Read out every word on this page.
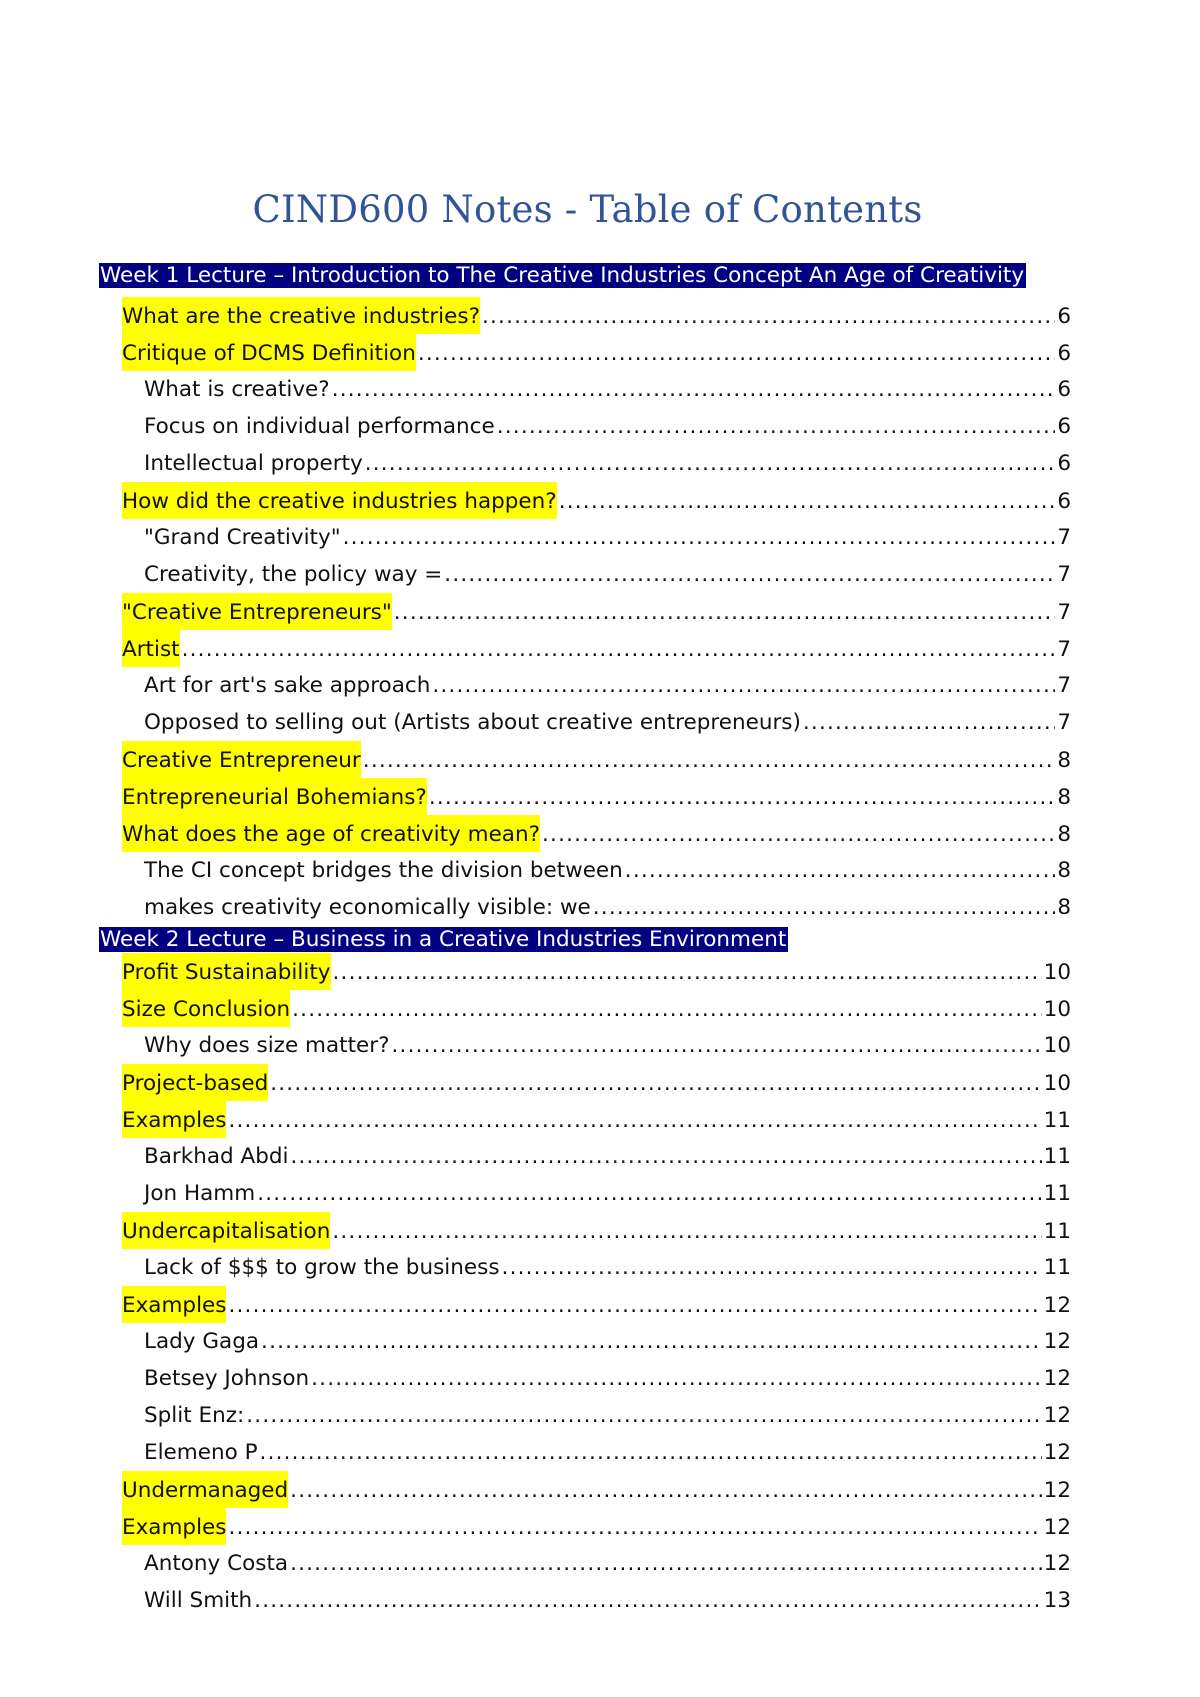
CIND600 Notes - Table of Contents
Week 1 Lecture – Introduction to The Creative Industries Concept An Age of Creativity
What are the creative industries? .....	6
Critique of DCMS Definition .....	6
What is creative? .....	6
Focus on individual performance .....	6
Intellectual property .....	6
How did the creative industries happen? .....	6
"Grand Creativity" .....	7
Creativity, the policy way = .....	7
"Creative Entrepreneurs" .....	7
Artist .....	7
Art for art's sake approach .....	7
Opposed to selling out (Artists about creative entrepreneurs) .....	7
Creative Entrepreneur .....	8
Entrepreneurial Bohemians? .....	8
What does the age of creativity mean? .....	8
The CI concept bridges the division between .....	8
makes creativity economically visible: we .....	8
Week 2 Lecture – Business in a Creative Industries Environment
Profit Sustainability .....	10
Size Conclusion .....	10
Why does size matter? .....	10
Project-based .....	10
Examples .....	11
Barkhad Abdi .....	11
Jon Hamm .....	11
Undercapitalisation .....	11
Lack of $$$ to grow the business .....	11
Examples .....	12
Lady Gaga .....	12
Betsey Johnson .....	12
Split Enz: .....	12
Elemeno P .....	12
Undermanaged .....	12
Examples .....	12
Antony Costa .....	12
Will Smith .....	13
